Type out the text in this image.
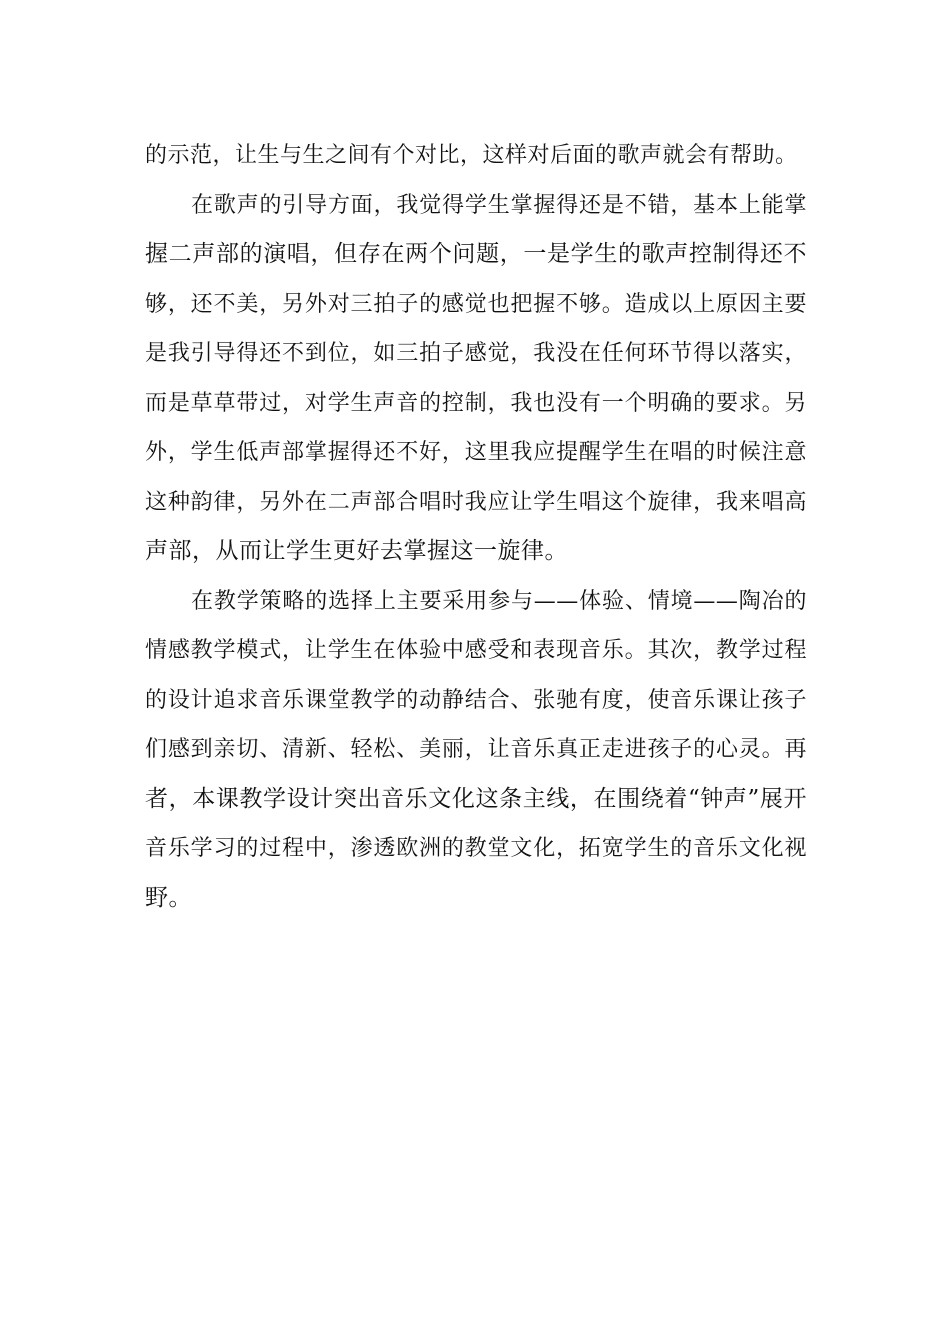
的示范，让生与生之间有个对比，这样对后面的歌声就会有帮助。
在歌声的引导方面，我觉得学生掌握得还是不错，基本上能掌
握二声部的演唱，但存在两个问题，一是学生的歌声控制得还不
够，还不美，另外对三拍子的感觉也把握不够。造成以上原因主要
是我引导得还不到位，如三拍子感觉，我没在任何环节得以落实，
而是草草带过，对学生声音的控制，我也没有一个明确的要求。另
外，学生低声部掌握得还不好，这里我应提醒学生在唱的时候注意
这种韵律，另外在二声部合唱时我应让学生唱这个旋律，我来唱高
声部，从而让学生更好去掌握这一旋律。
在教学策略的选择上主要采用参与——体验、情境——陶冶的
情感教学模式，让学生在体验中感受和表现音乐。其次，教学过程
的设计追求音乐课堂教学的动静结合、张驰有度，使音乐课让孩子
们感到亲切、清新、轻松、美丽，让音乐真正走进孩子的心灵。再
者，本课教学设计突出音乐文化这条主线，在围绕着“钟声”展开
音乐学习的过程中，渗透欧洲的教堂文化，拓宽学生的音乐文化视
野。
